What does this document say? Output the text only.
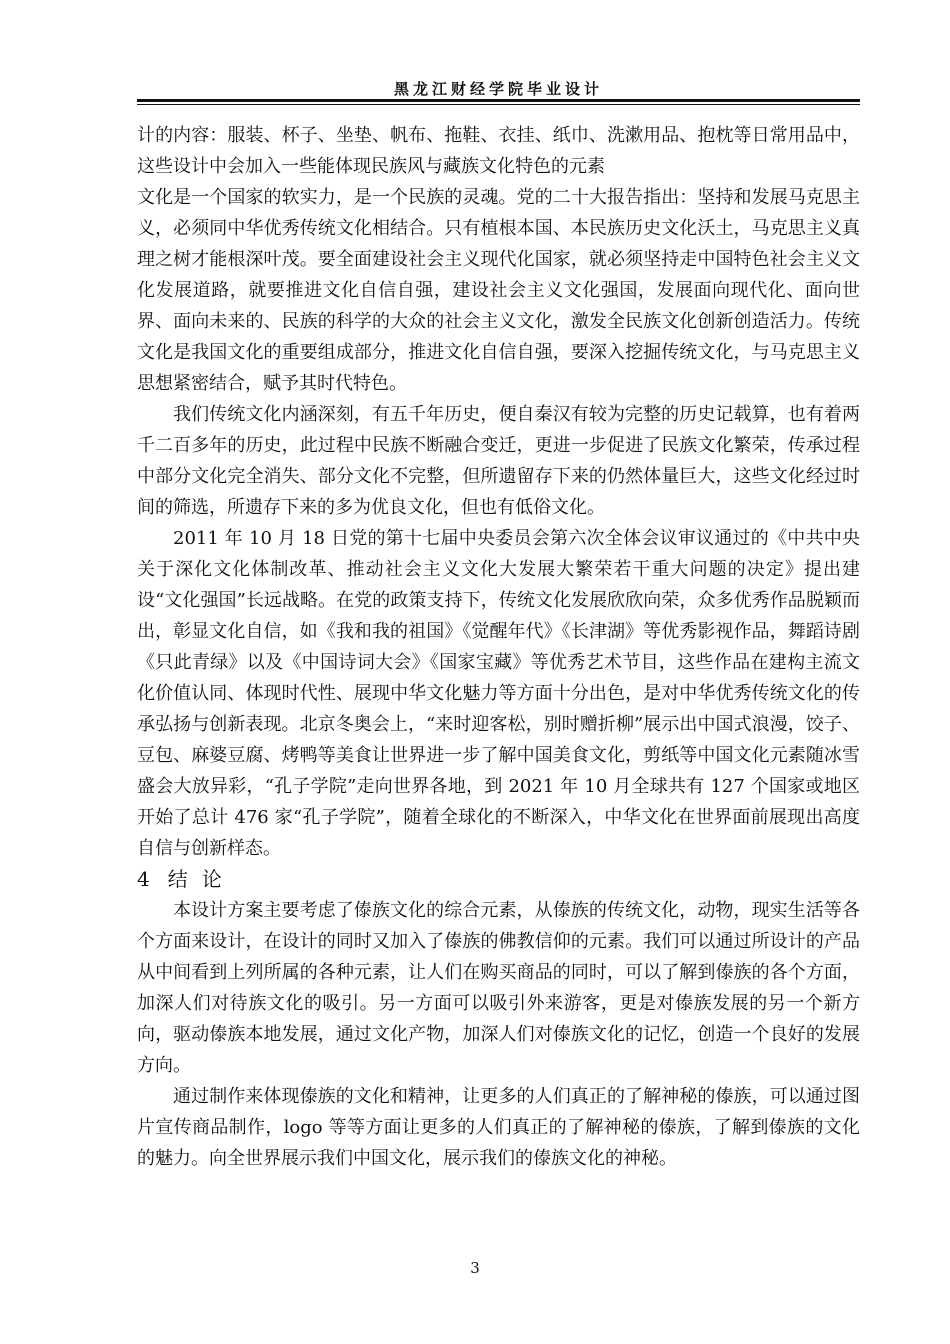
黑龙江财经学院毕业设计

计的内容：服装、杯子、坐垫、帆布、拖鞋、衣挂、纸巾、洗漱用品、抱枕等日常用品中，这些设计中会加入一些能体现民族风与藏族文化特色的元素

文化是一个国家的软实力，是一个民族的灵魂。党的二十大报告指出：坚持和发展马克思主义，必须同中华优秀传统文化相结合。只有植根本国、本民族历史文化沃土，马克思主义真理之树才能根深叶茂。要全面建设社会主义现代化国家，就必须坚持走中国特色社会主义文化发展道路，就要推进文化自信自强，建设社会主义文化强国，发展面向现代化、面向世界、面向未来的、民族的科学的大众的社会主义文化，激发全民族文化创新创造活力。传统文化是我国文化的重要组成部分，推进文化自信自强，要深入挖掘传统文化，与马克思主义思想紧密结合，赋予其时代特色。

我们传统文化内涵深刻，有五千年历史，便自秦汉有较为完整的历史记载算，也有着两千二百多年的历史，此过程中民族不断融合变迁，更进一步促进了民族文化繁荣，传承过程中部分文化完全消失、部分文化不完整，但所遗留存下来的仍然体量巨大，这些文化经过时间的筛选，所遗存下来的多为优良文化，但也有低俗文化。

2011 年 10 月 18 日党的第十七届中央委员会第六次全体会议审议通过的《中共中央关于深化文化体制改革、推动社会主义文化大发展大繁荣若干重大问题的决定》提出建设“文化强国”长远战略。在党的政策支持下，传统文化发展欣欣向荣，众多优秀作品脱颖而出，彰显文化自信，如《我和我的祖国》《觉醒年代》《长津湖》等优秀影视作品，舞蹈诗剧《只此青绿》以及《中国诗词大会》《国家宝藏》等优秀艺术节目，这些作品在建构主流文化价值认同、体现时代性、展现中华文化魅力等方面十分出色，是对中华优秀传统文化的传承弘扬与创新表现。北京冬奥会上，“来时迎客松，别时赠折柳”展示出中国式浪漫，饺子、豆包、麻婆豆腐、烤鸭等美食让世界进一步了解中国美食文化，剪纸等中国文化元素随冰雪盛会大放异彩，“孔子学院”走向世界各地，到 2021 年 10 月全球共有 127 个国家或地区开始了总计 476 家“孔子学院”，随着全球化的不断深入，中华文化在世界面前展现出高度自信与创新样态。

4 结论

本设计方案主要考虑了傣族文化的综合元素，从傣族的传统文化，动物，现实生活等各个方面来设计，在设计的同时又加入了傣族的佛教信仰的元素。我们可以通过所设计的产品从中间看到上列所属的各种元素，让人们在购买商品的同时，可以了解到傣族的各个方面，加深人们对待族文化的吸引。另一方面可以吸引外来游客，更是对傣族发展的另一个新方向，驱动傣族本地发展，通过文化产物，加深人们对傣族文化的记忆，创造一个良好的发展方向。

通过制作来体现傣族的文化和精神，让更多的人们真正的了解神秘的傣族，可以通过图片宣传商品制作，logo 等等方面让更多的人们真正的了解神秘的傣族，了解到傣族的文化的魅力。向全世界展示我们中国文化，展示我们的傣族文化的神秘。

3
